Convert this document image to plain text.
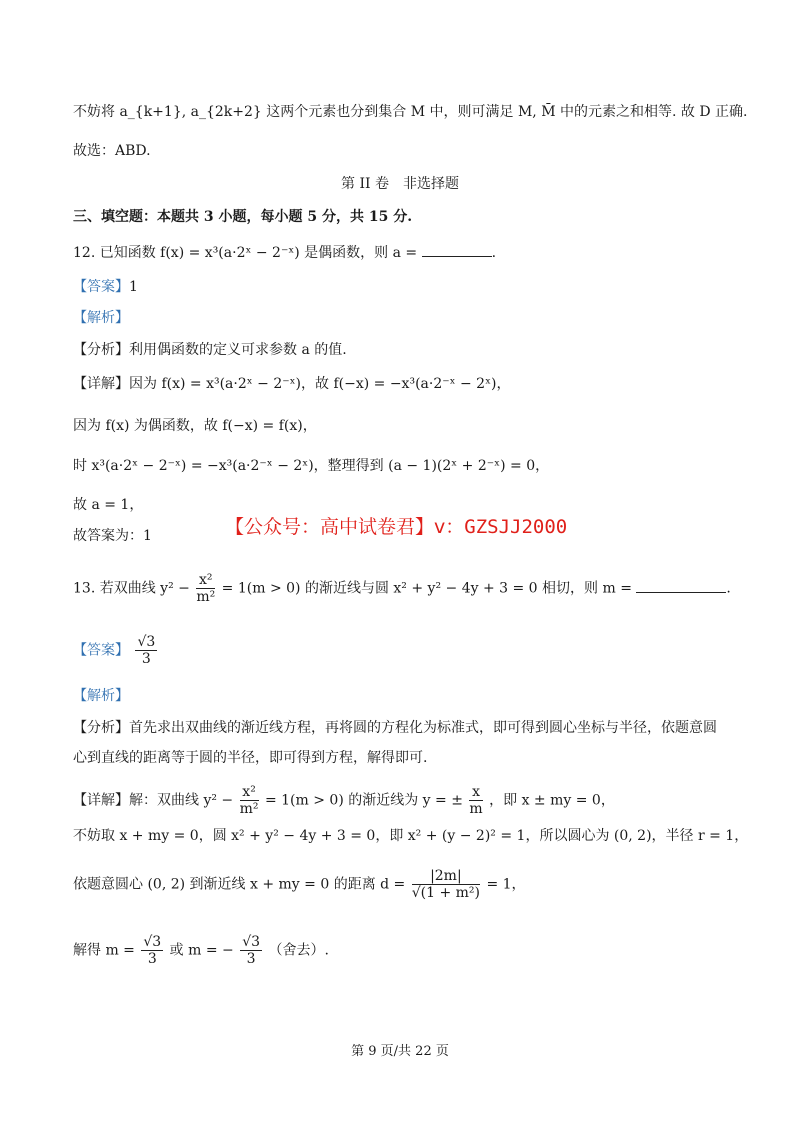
不妨将 a_{k+1}, a_{2k+2} 这两个元素也分到集合 M 中，则可满足 M, M̄ 中的元素之和相等. 故 D 正确.
故选：ABD.
第 II 卷　非选择题
三、填空题：本题共 3 小题，每小题 5 分，共 15 分.
12. 已知函数 f(x) = x³(a·2ˣ − 2⁻ˣ) 是偶函数，则 a =	.
【答案】1
【解析】
【分析】利用偶函数的定义可求参数 a 的值.
【详解】因为 f(x) = x³(a·2ˣ − 2⁻ˣ)，故 f(−x) = −x³(a·2⁻ˣ − 2ˣ)，
因为 f(x) 为偶函数，故 f(−x) = f(x)，
时 x³(a·2ˣ − 2⁻ˣ) = −x³(a·2⁻ˣ − 2ˣ)，整理得到 (a − 1)(2ˣ + 2⁻ˣ) = 0，
故 a = 1，
故答案为：1	【公众号：高中试卷君】v：GZSJJ2000
13. 若双曲线 $y^2 - \frac{\text{x²}}{\text{m²}} = 1(m > 0)$ 的渐近线与圆 x² + y² − 4y + 3 = 0 相切，则 m =	.
【答案】 $\frac{√3}{3}$
【解析】
【分析】首先求出双曲线的渐近线方程，再将圆的方程化为标准式，即可得到圆心坐标与半径，依题意圆
心到直线的距离等于圆的半径，即可得到方程，解得即可.
【详解】解：双曲线 $y^2 - \frac{\text{x²}}{\text{m²}} = 1(m > 0)$ 的渐近线为 y = ± $\frac{x}{m}$ ，即 x ± my = 0，
不妨取 x + my = 0，圆 x² + y² − 4y + 3 = 0，即 x² + (y − 2)² = 1，所以圆心为 (0, 2)，半径 r = 1，
依题意圆心 (0, 2) 到渐近线 x + my = 0 的距离 $d = \frac{|2m|}{\text{√(1 + m²)}} = 1$，
解得 $m = \frac{√3}{3}$ 或 m = − $\frac{√3}{3}$ （舍去）.
第 9 页/共 22 页
